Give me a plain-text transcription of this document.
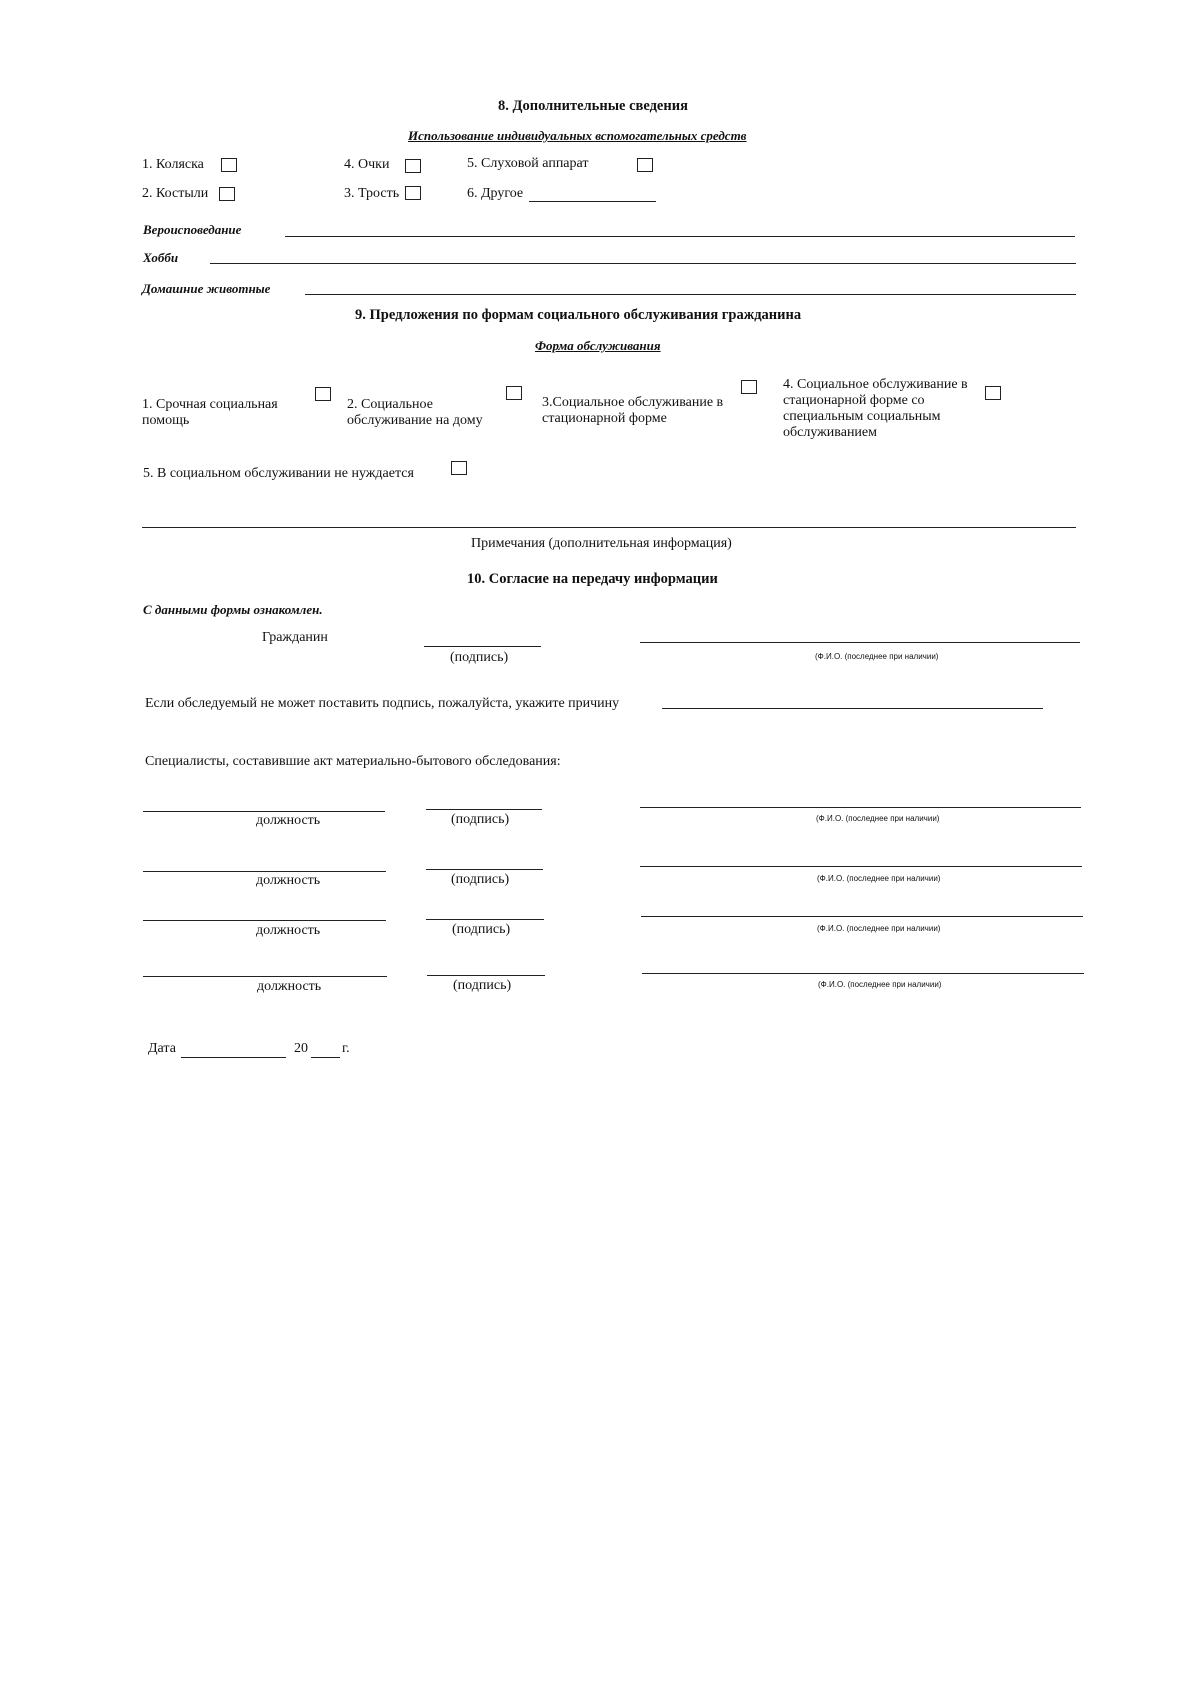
8. Дополнительные сведения
Использование индивидуальных вспомогательных средств
1. Коляска	4. Очки	5. Слуховой аппарат
2. Костыли	3. Трость	6. Другое
Вероисповедание
Хобби
Домашние животные
9. Предложения по формам социального обслуживания гражданина
Форма обслуживания
1. Срочная социальная помощь
2. Социальное обслуживание на дому
3.Социальное обслуживание в стационарной форме
4. Социальное обслуживание в стационарной форме со специальным социальным обслуживанием
5. В социальном обслуживании не нуждается
Примечания (дополнительная информация)
10. Согласие на передачу информации
С данными формы ознакомлен.
Гражданин
(подпись)	(Ф.И.О. (последнее при наличии)
Если обследуемый не может поставить подпись, пожалуйста, укажите причину
Специалисты, составившие акт материально-бытового обследования:
должность	(подпись)	(Ф.И.О. (последнее при наличии)
должность	(подпись)	(Ф.И.О. (последнее при наличии)
должность	(подпись)	(Ф.И.О. (последнее при наличии)
должность	(подпись)	(Ф.И.О. (последнее при наличии)
Дата	20 г.
